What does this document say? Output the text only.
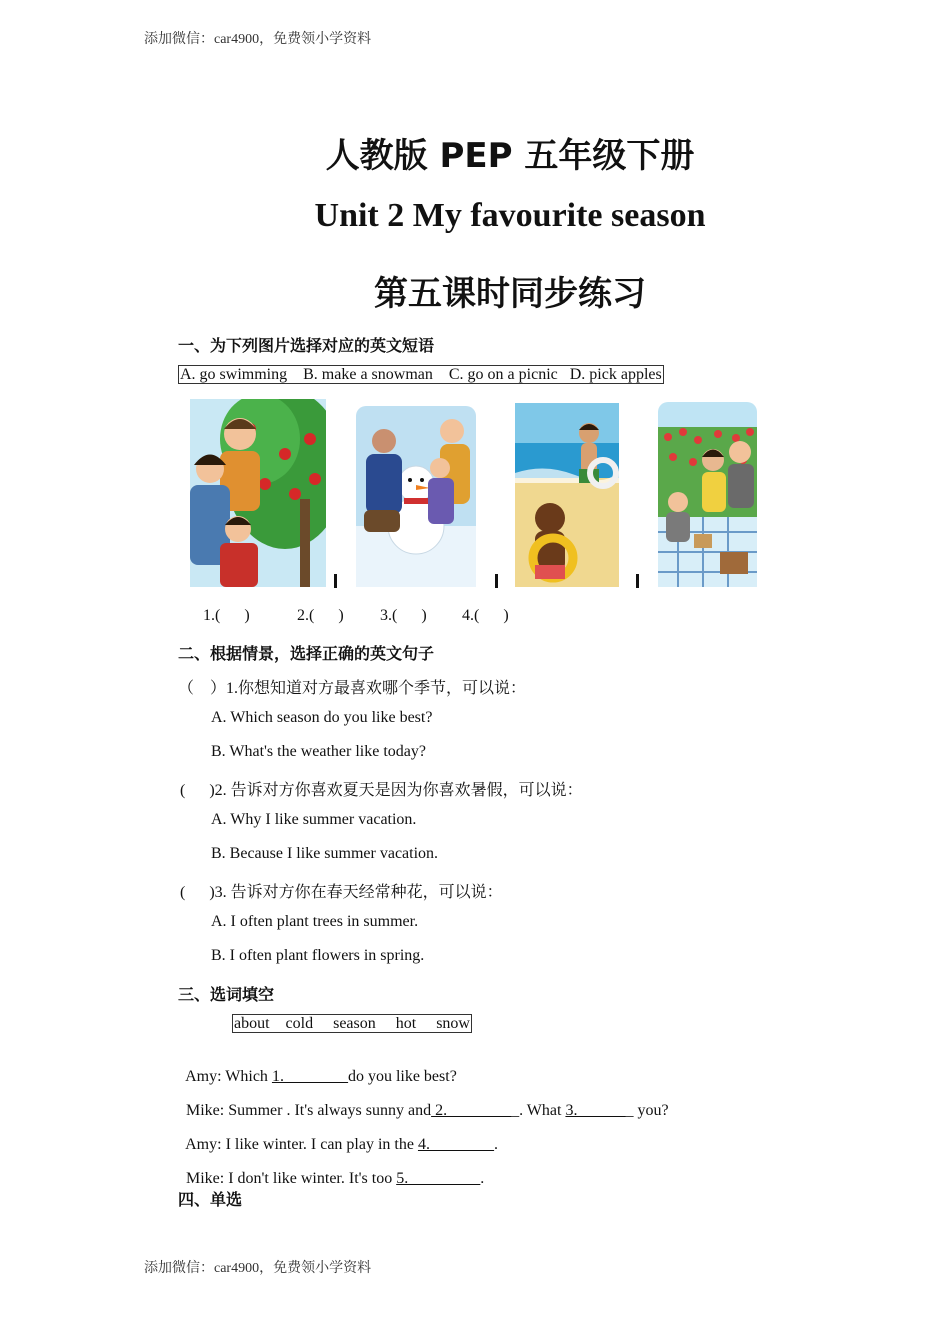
添加微信：car4900，免费领小学资料
添加微信：car4900，免费领小学资料
人教版 PEP 五年级下册
Unit 2 My favourite season
第五课时同步练习
一、为下列图片选择对应的英文短语
A. go swimming    B. make a snowman    C. go on a picnic   D. pick apples
1.(      )	2.(      ) 3.(      ) 4.(      )
二、根据情景，选择正确的英文句子
（    ）1.你想知道对方最喜欢哪个季节，可以说：
A. Which season do you like best?
B. What's the weather like today?
(      )2. 告诉对方你喜欢夏天是因为你喜欢暑假，可以说：
A. Why I like summer vacation.
B. Because I like summer vacation.
(      )3. 告诉对方你在春天经常种花，可以说：
A. I often plant trees in summer.
B. I often plant flowers in spring.
三、选词填空
about    cold     season     hot     snow

Amy: Which 1.________do you like best?

Mike: Summer . It's always sunny and 2._________. What 3._______ you?

Amy: I like winter. I can play in the 4.________.

Mike: I don't like winter. It's too 5._________.

四、单选
